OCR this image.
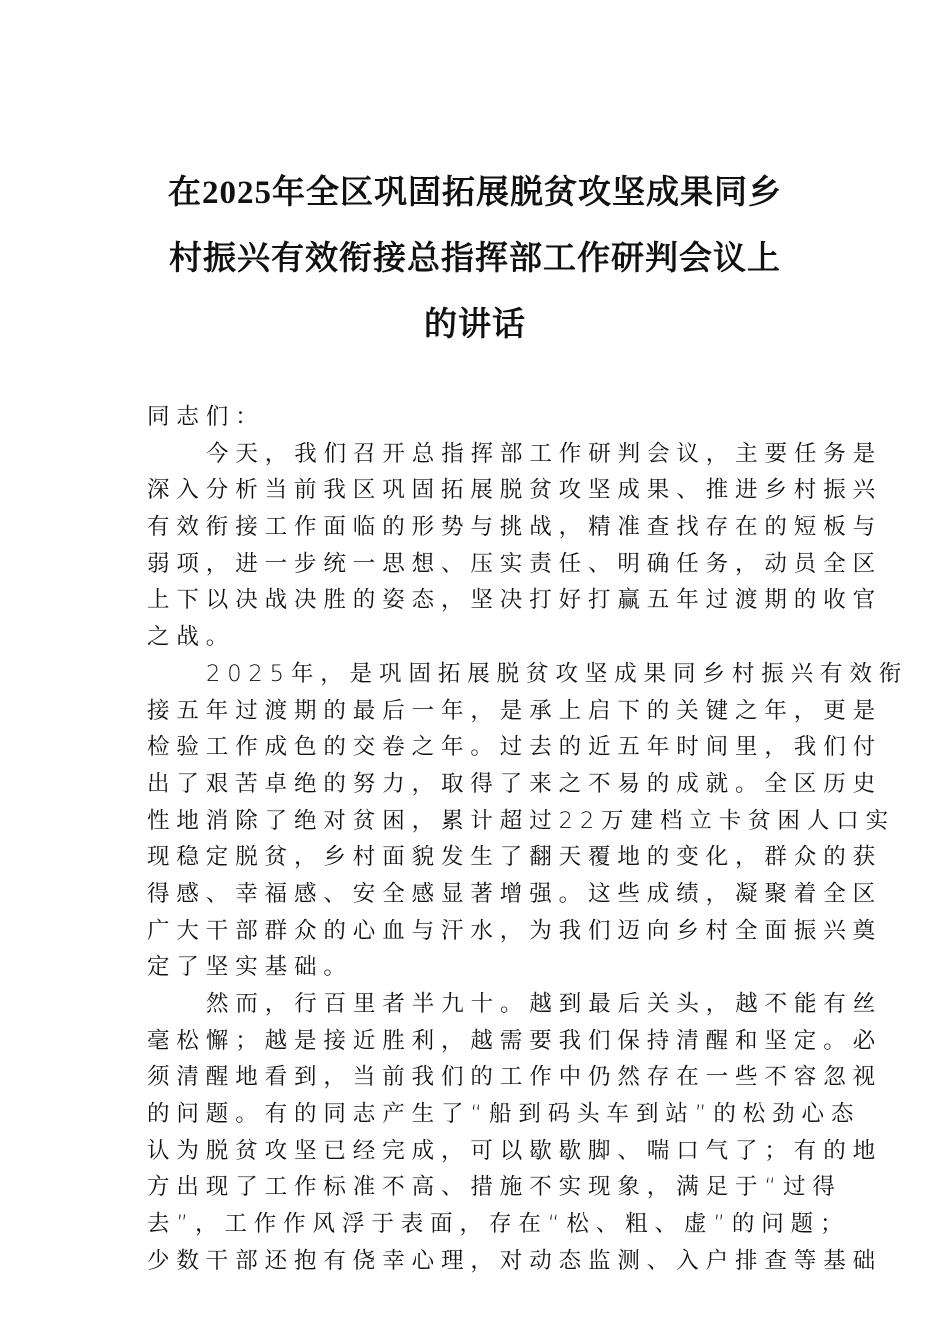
在2025年全区巩固拓展脱贫攻坚成果同乡
村振兴有效衔接总指挥部工作研判会议上
的讲话
同志们：
今天，我们召开总指挥部工作研判会议，主要任务是
深入分析当前我区巩固拓展脱贫攻坚成果、推进乡村振兴
有效衔接工作面临的形势与挑战，精准查找存在的短板与
弱项，进一步统一思想、压实责任、明确任务，动员全区
上下以决战决胜的姿态，坚决打好打赢五年过渡期的收官
之战。
2025年，是巩固拓展脱贫攻坚成果同乡村振兴有效衔
接五年过渡期的最后一年，是承上启下的关键之年，更是
检验工作成色的交卷之年。过去的近五年时间里，我们付
出了艰苦卓绝的努力，取得了来之不易的成就。全区历史
性地消除了绝对贫困，累计超过22万建档立卡贫困人口实
现稳定脱贫，乡村面貌发生了翻天覆地的变化，群众的获
得感、幸福感、安全感显著增强。这些成绩，凝聚着全区
广大干部群众的心血与汗水，为我们迈向乡村全面振兴奠
定了坚实基础。
然而，行百里者半九十。越到最后关头，越不能有丝
毫松懈；越是接近胜利，越需要我们保持清醒和坚定。必
须清醒地看到，当前我们的工作中仍然存在一些不容忽视
的问题。有的同志产生了“船到码头车到站”的松劲心态
认为脱贫攻坚已经完成，可以歇歇脚、喘口气了；有的地
方出现了工作标准不高、措施不实现象，满足于“过得
去”，工作作风浮于表面，存在“松、粗、虚”的问题；
少数干部还抱有侥幸心理，对动态监测、入户排查等基础
